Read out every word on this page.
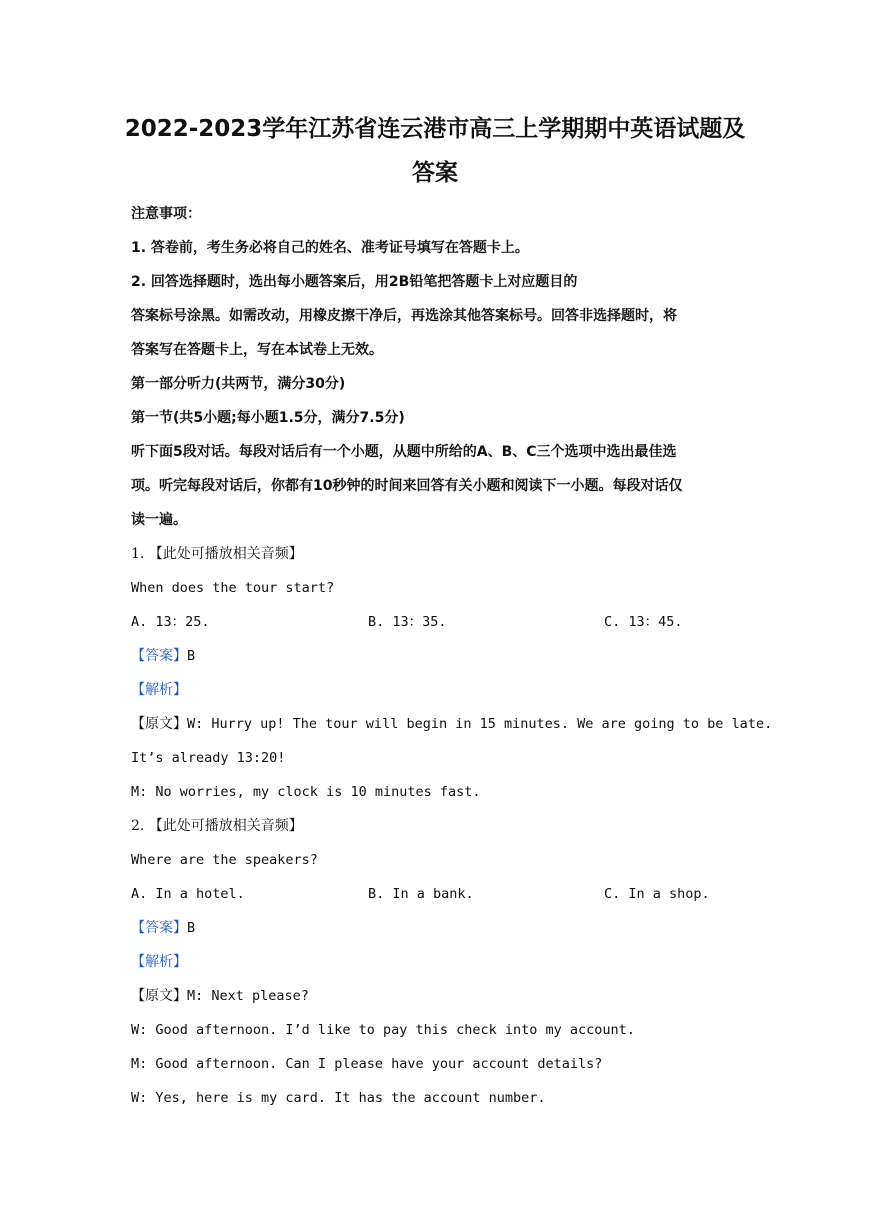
2022-2023学年江苏省连云港市高三上学期期中英语试题及
答案
注意事项：
1. 答卷前，考生务必将自己的姓名、准考证号填写在答题卡上。
2. 回答选择题时，选出每小题答案后，用2B铅笔把答题卡上对应题目的
答案标号涂黑。如需改动，用橡皮擦干净后，再选涂其他答案标号。回答非选择题时，将
答案写在答题卡上，写在本试卷上无效。
第一部分听力(共两节，满分30分)
第一节(共5小题;每小题1.5分，满分7.5分)
听下面5段对话。每段对话后有一个小题，从题中所给的A、B、C三个选项中选出最佳选
项。听完每段对话后，你都有10秒钟的时间来回答有关小题和阅读下一小题。每段对话仅
读一遍。
1. 【此处可播放相关音频】
When does the tour start?
A. 13：25.	B. 13：35.	C. 13：45.
【答案】B
【解析】
【原文】W: Hurry up! The tour will begin in 15 minutes. We are going to be late.
It’s already 13:20!
M: No worries, my clock is 10 minutes fast.
2. 【此处可播放相关音频】
Where are the speakers?
A. In a hotel.	B. In a bank.	C. In a shop.
【答案】B
【解析】
【原文】M: Next please?
W: Good afternoon. I’d like to pay this check into my account.
M: Good afternoon. Can I please have your account details?
W: Yes, here is my card. It has the account number.
